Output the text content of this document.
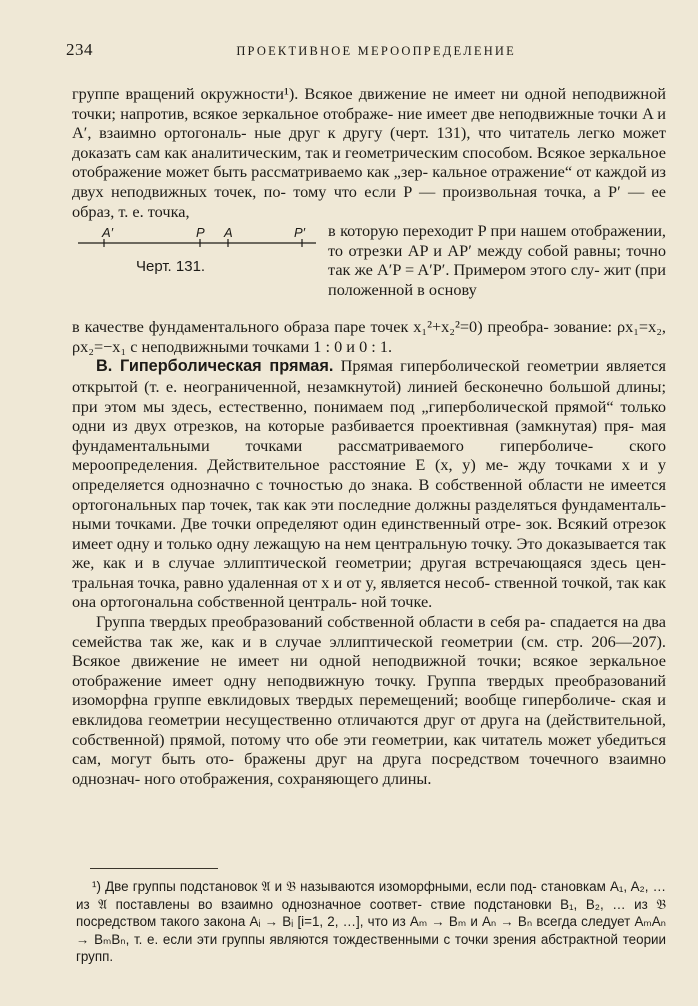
234	ПРОЕКТИВНОЕ МЕРООПРЕДЕЛЕНИЕ

группе вращений окружности¹). Всякое движение не имеет ни одной неподвижной точки; напротив, всякое зеркальное отображе- ние имеет две неподвижные точки A и A′, взаимно ортогональ- ные друг к другу (черт. 131), что читатель легко может доказать сам как аналитическим, так и геометрическим способом. Всякое зеркальное отображение может быть рассматриваемо как „зер- кальное отражение“ от каждой из двух неподвижных точек, по- тому что если P — произвольная точка, а P′ — ее образ, т. е. точка,

A′	P A	P′
Черт. 131.

в которую переходит P при нашем отображении, то отрезки AP и AP′ между собой равны; точно так же A′P = A′P′. Примером этого слу- жит (при положенной в основу

в качестве фундаментального образа паре точек x₁²+x₂²=0) преобра- зование: ρx₁=x₂, ρx₂=−x₁ с неподвижными точками 1 : 0 и 0 : 1.

В. Гиперболическая прямая. Прямая гиперболической геометрии является открытой (т. е. неограниченной, незамкнутой) линией бесконечно большой длины; при этом мы здесь, естественно, понимаем под „гиперболической прямой“ только одни из двух отрезков, на которые разбивается проективная (замкнутая) пря- мая фундаментальными точками рассматриваемого гиперболиче- ского мероопределения. Действительное расстояние E (x, y) ме- жду точками x и y определяется однозначно с точностью до знака. В собственной области не имеется ортогональных пар точек, так как эти последние должны разделяться фундаменталь- ными точками. Две точки определяют один единственный отре- зок. Всякий отрезок имеет одну и только одну лежащую на нем центральную точку. Это доказывается так же, как и в случае эллиптической геометрии; другая встречающаяся здесь цен- тральная точка, равно удаленная от x и от y, является несоб- ственной точкой, так как она ортогональна собственной централь- ной точке.

Группа твердых преобразований собственной области в себя ра- спадается на два семейства так же, как и в случае эллиптической геометрии (см. стр. 206—207). Всякое движение не имеет ни одной неподвижной точки; всякое зеркальное отображение имеет одну неподвижную точку. Группа твердых преобразований изоморфна группе евклидовых твердых перемещений; вообще гиперболиче- ская и евклидова геометрии несущественно отличаются друг от друга на (действительной, собственной) прямой, потому что обе эти геометрии, как читатель может убедиться сам, могут быть ото- бражены друг на друга посредством точечного взаимно однознач- ного отображения, сохраняющего длины.

¹) Две группы подстановок 𝔄 и 𝔅 называются изоморфными, если под- становкам A₁, A₂, … из 𝔄 поставлены во взаимно однозначное соответ- ствие подстановки B₁, B₂, … из 𝔅 посредством такого закона Aᵢ → Bᵢ [i=1, 2, …], что из Aₘ → Bₘ и Aₙ → Bₙ всегда следует AₘAₙ → BₘBₙ, т. е. если эти группы являются тождественными с точки зрения абстрактной теории групп.
